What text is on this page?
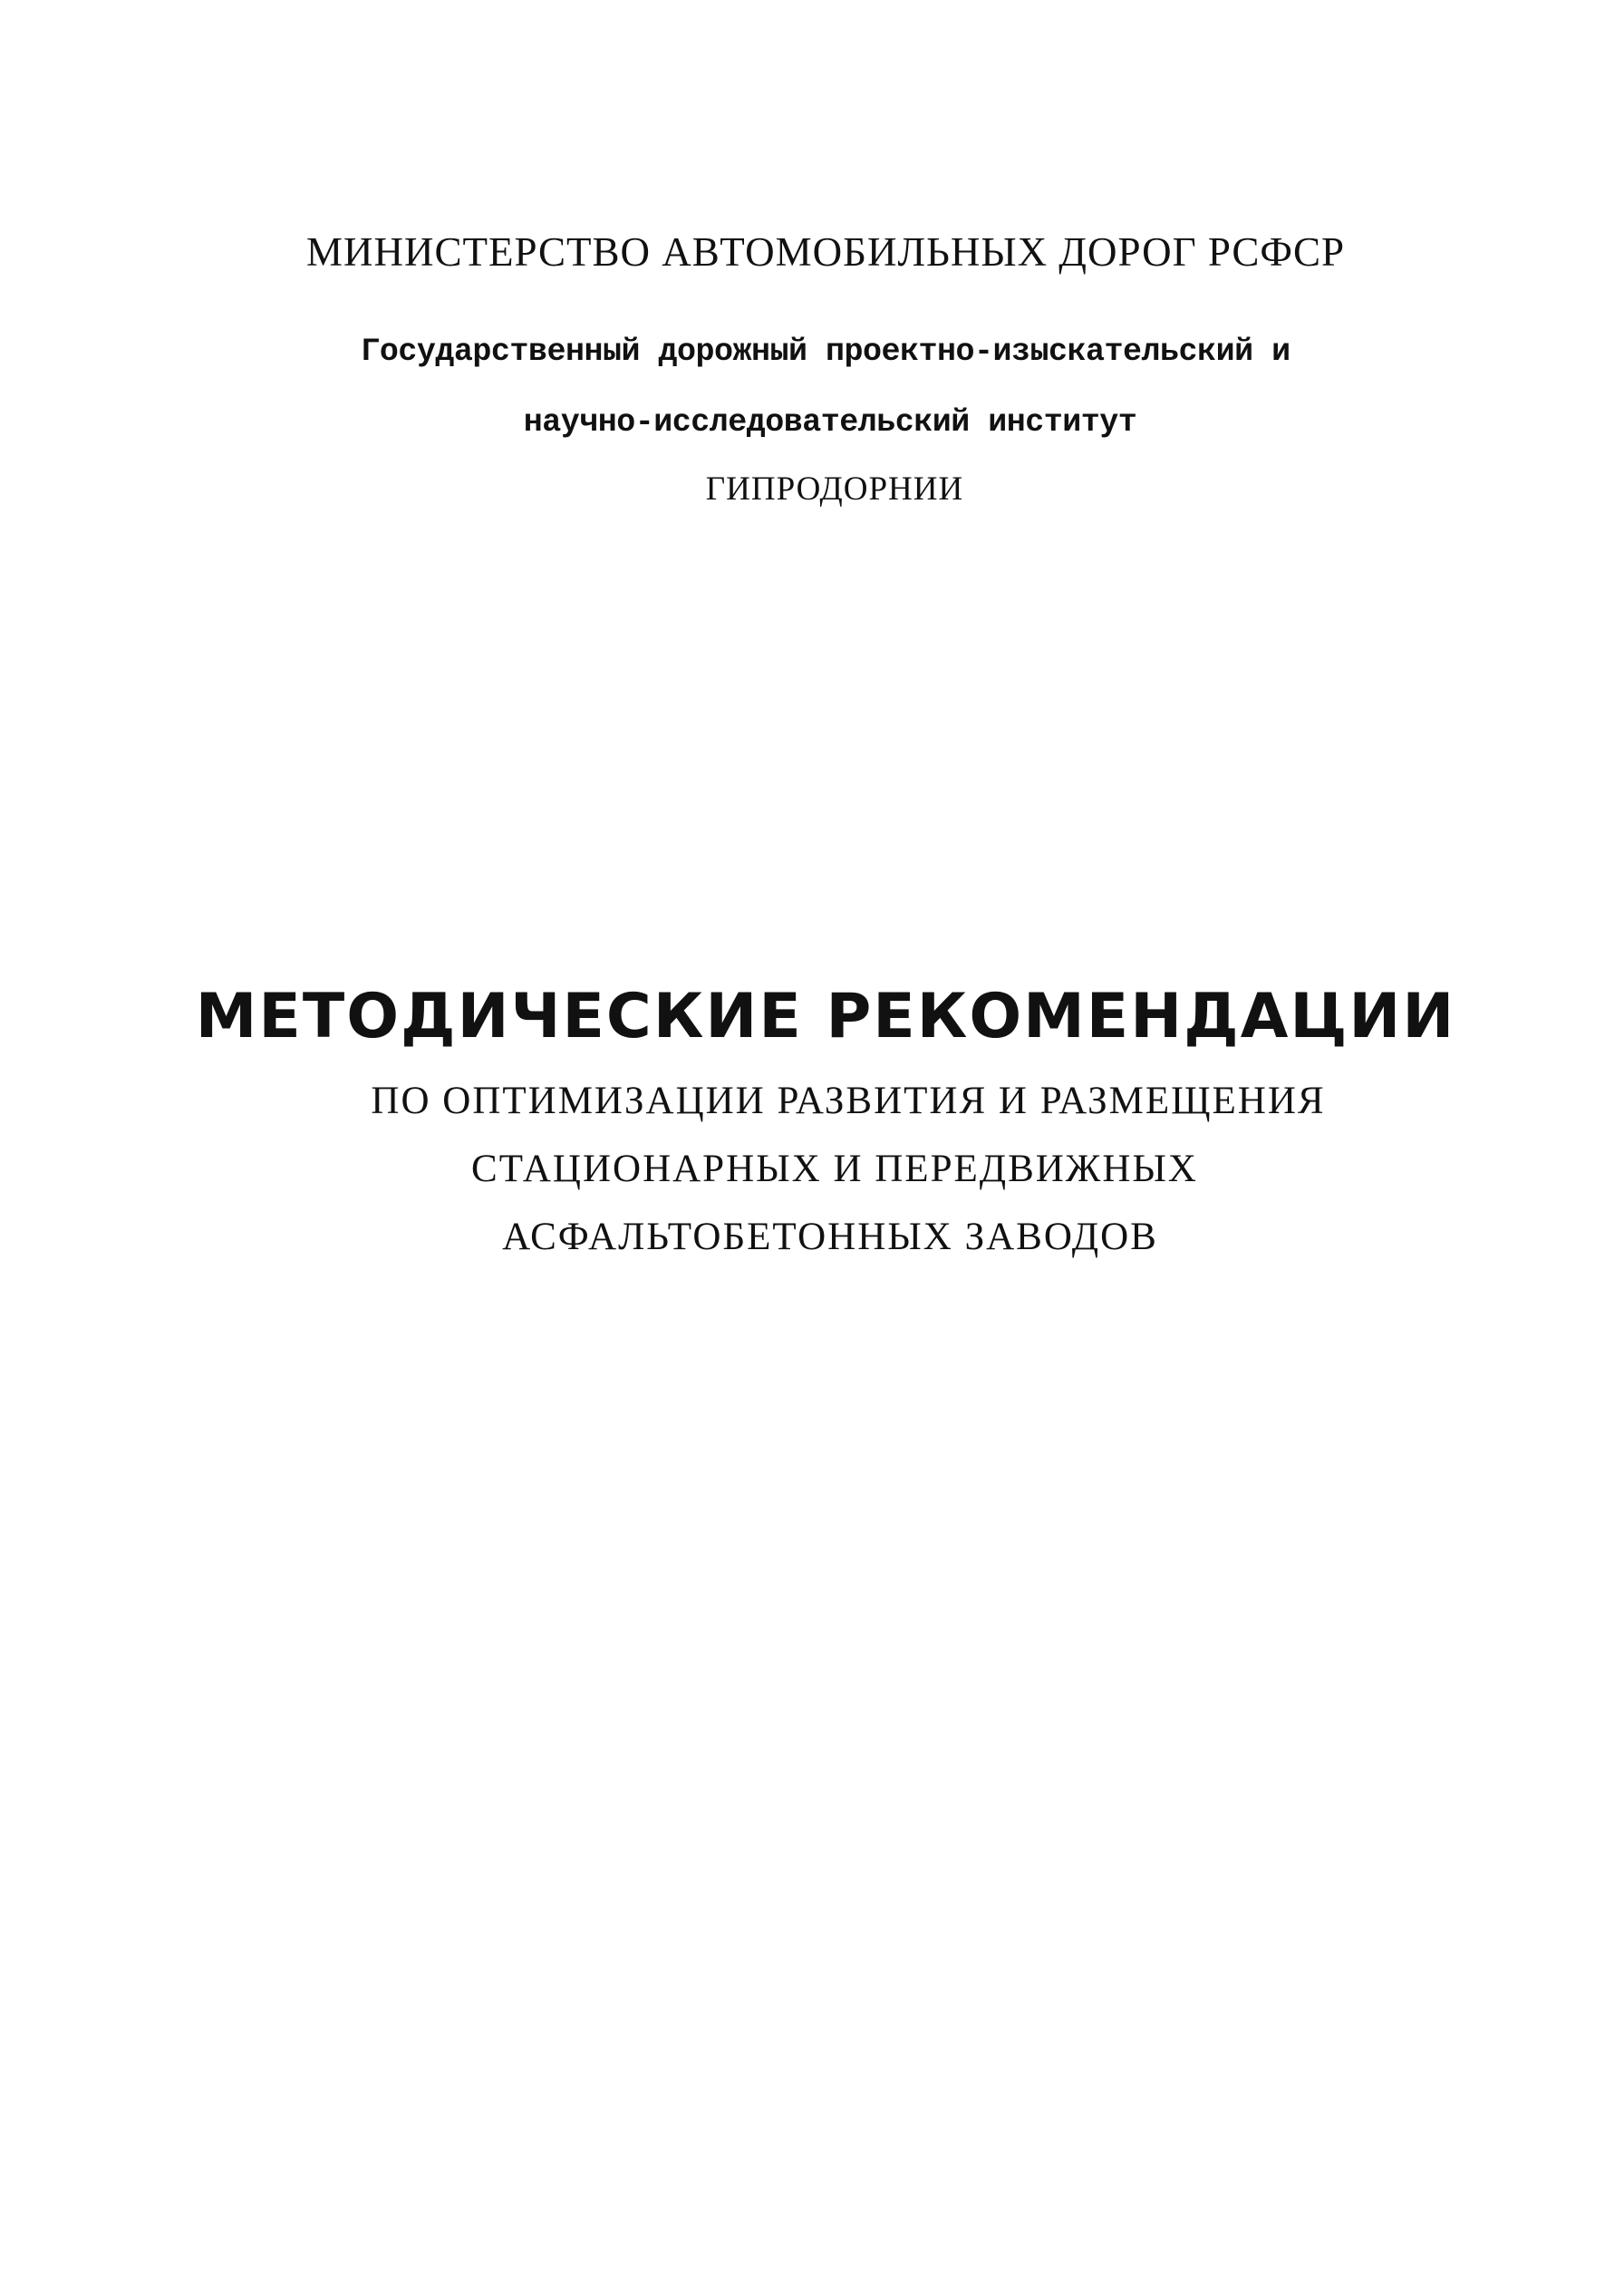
МИНИСТЕРСТВО АВТОМОБИЛЬНЫХ ДОРОГ РСФСР

Государственный дорожный проектно-изыскательский и

научно-исследовательский институт

ГИПРОДОРНИИ

МЕТОДИЧЕСКИЕ РЕКОМЕНДАЦИИ

ПО ОПТИМИЗАЦИИ РАЗВИТИЯ И РАЗМЕЩЕНИЯ

СТАЦИОНАРНЫХ И ПЕРЕДВИЖНЫХ

АСФАЛЬТОБЕТОННЫХ ЗАВОДОВ
